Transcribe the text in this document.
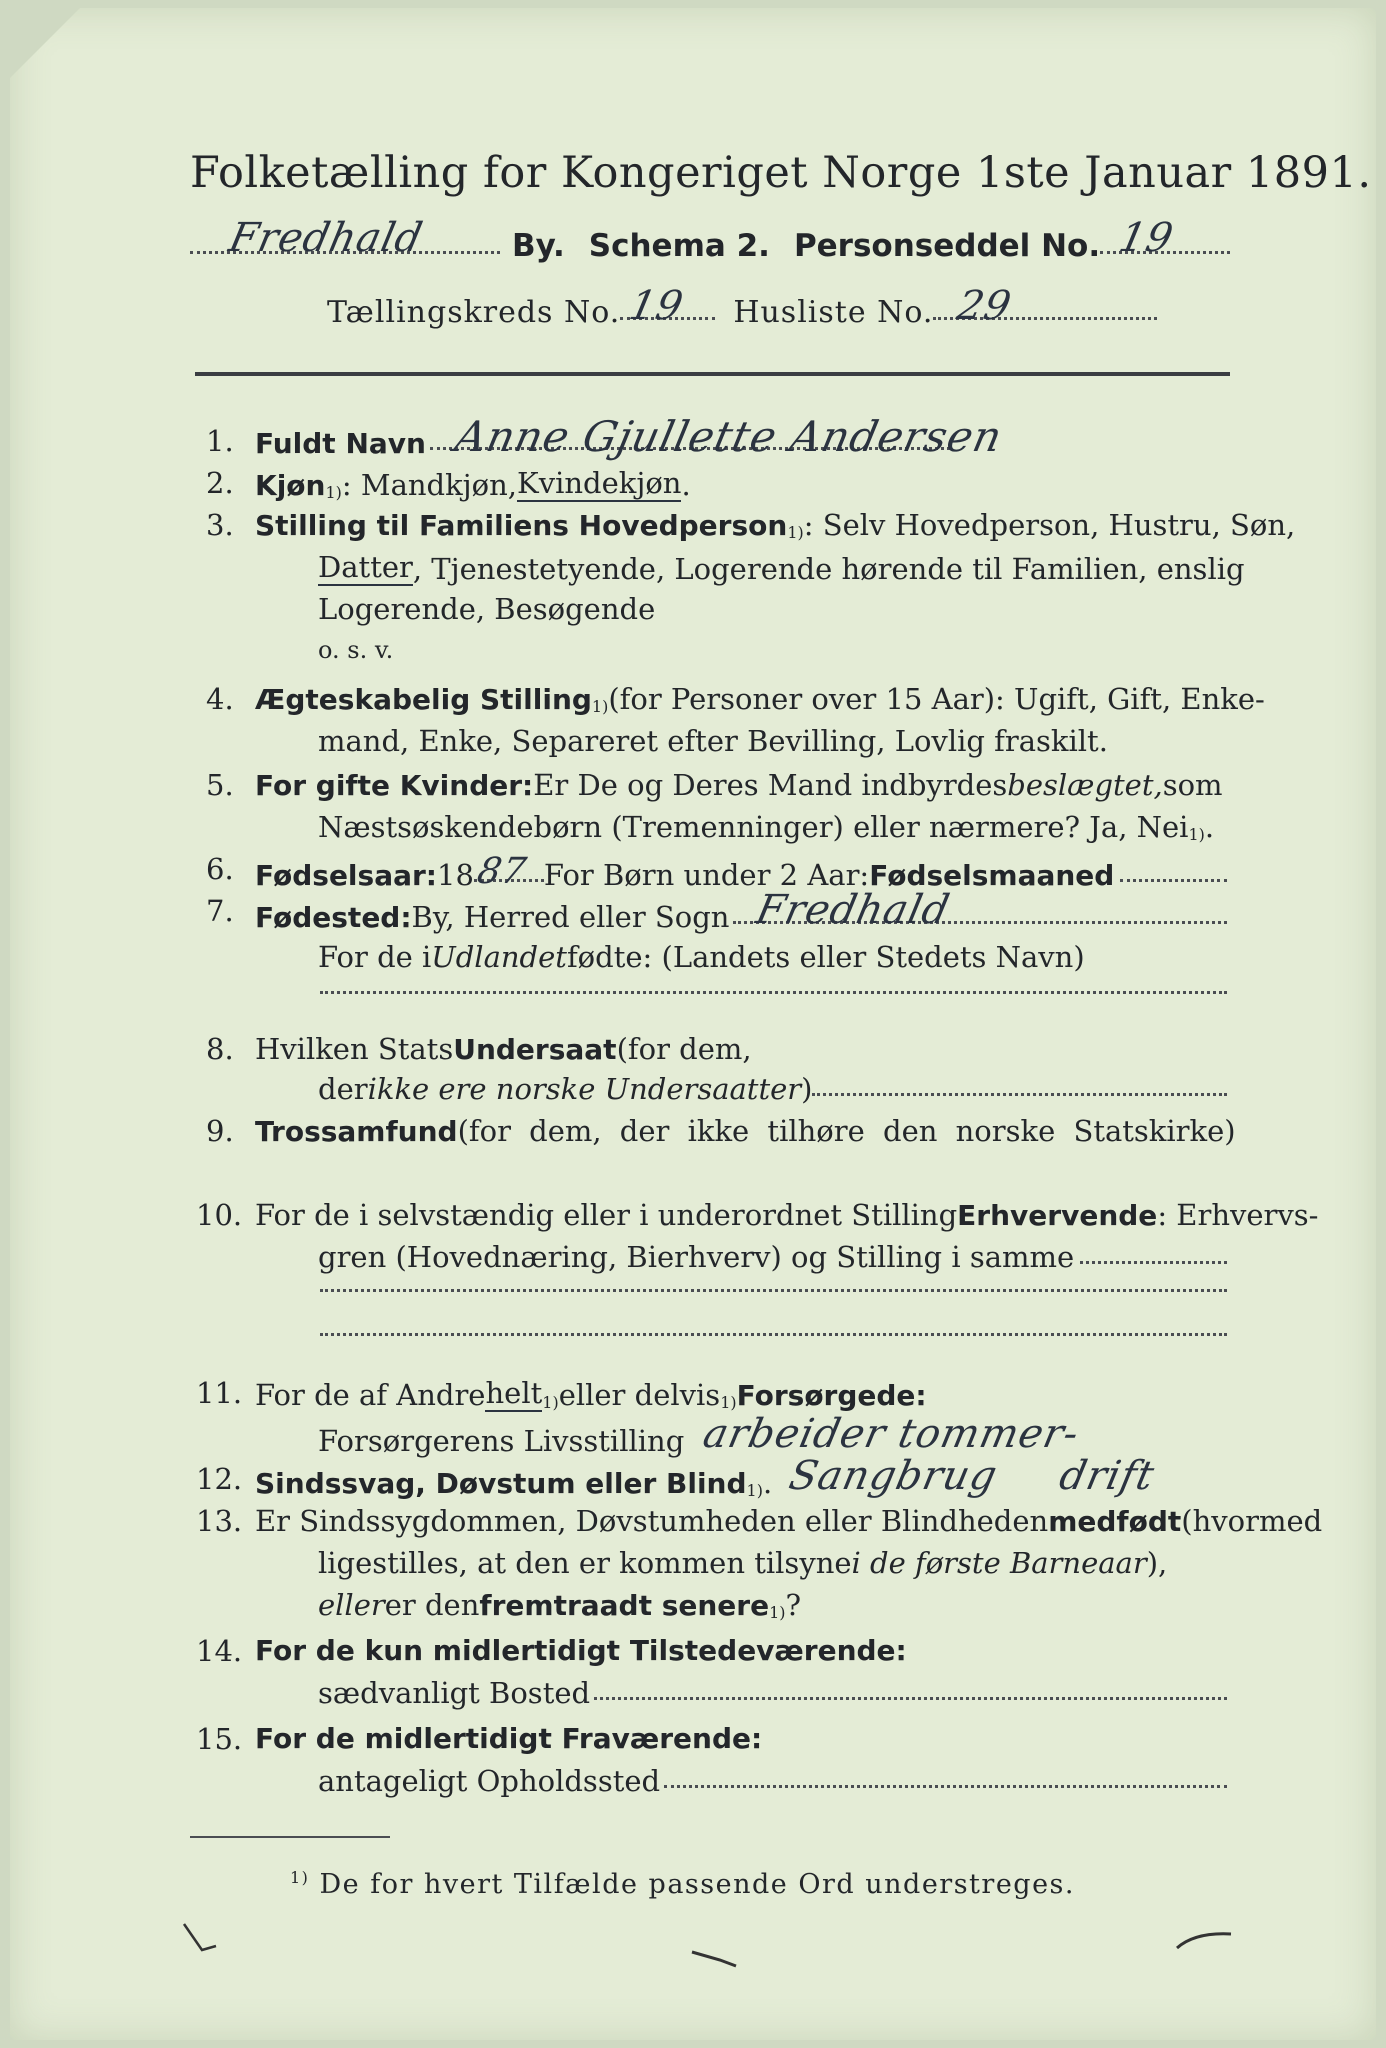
Folketælling for Kongeriget Norge 1ste Januar 1891.
Fredhald	By. Schema 2. Personseddel No. 19
Tællingskreds No. 19 Husliste No. 29
1. Fuldt Navn Anne Gjullette Andersen
2. Kjøn$_{1)}$ : Mandkjøn, Kvindekjøn .
3. Stilling til Familiens Hovedperson$_{1)}$ : Selv Hovedperson, Hustru, Søn,
Datter , Tjenestetyende, Logerende hørende til Familien, enslig
Logerende, Besøgende
o. s. v.
4. Ægteskabelig Stilling$_{1)}$ (for Personer over 15 Aar): Ugift, Gift, Enke-
mand, Enke, Separeret efter Bevilling, Lovlig fraskilt.
5. For gifte Kvinder: Er De og Deres Mand indbyrdes beslægtet, som
Næstsøskendebørn (Tremenninger) eller nærmere? Ja, Nei$_{1)}$ .
6. Fødselsaar: 18 87 For Børn under 2 Aar: Fødselsmaaned
7. Fødested: By, Herred eller Sogn Fredhald
For de i Udlandet fødte: (Landets eller Stedets Navn)
8. Hvilken Stats Undersaat (for dem,
der ikke ere norske Undersaatter )
9. Trossamfund (for dem, der ikke tilhøre den norske Statskirke)
10. For de i selvstændig eller i underordnet Stilling Erhvervende : Erhvervs-
gren (Hovednæring, Bierhverv) og Stilling i samme
11. For de af Andre helt$_{1)}$ eller delvis$_{1)}$ Forsørgede:
Forsørgerens Livsstilling arbeider tommer-
12. Sindssvag, Døvstum eller Blind$_{1)}$ . Sangbrug drift
13. Er Sindssygdommen, Døvstumheden eller Blindheden medfødt (hvormed
ligestilles, at den er kommen tilsyne i de første Barneaar ),
eller er den fremtraadt senere$_{1)}$ ?
14. For de kun midlertidigt Tilstedeværende:
sædvanligt Bosted
15. For de midlertidigt Fraværende:
antageligt Opholdssted
$^{1)}$ De for hvert Tilfælde passende Ord understreges.
